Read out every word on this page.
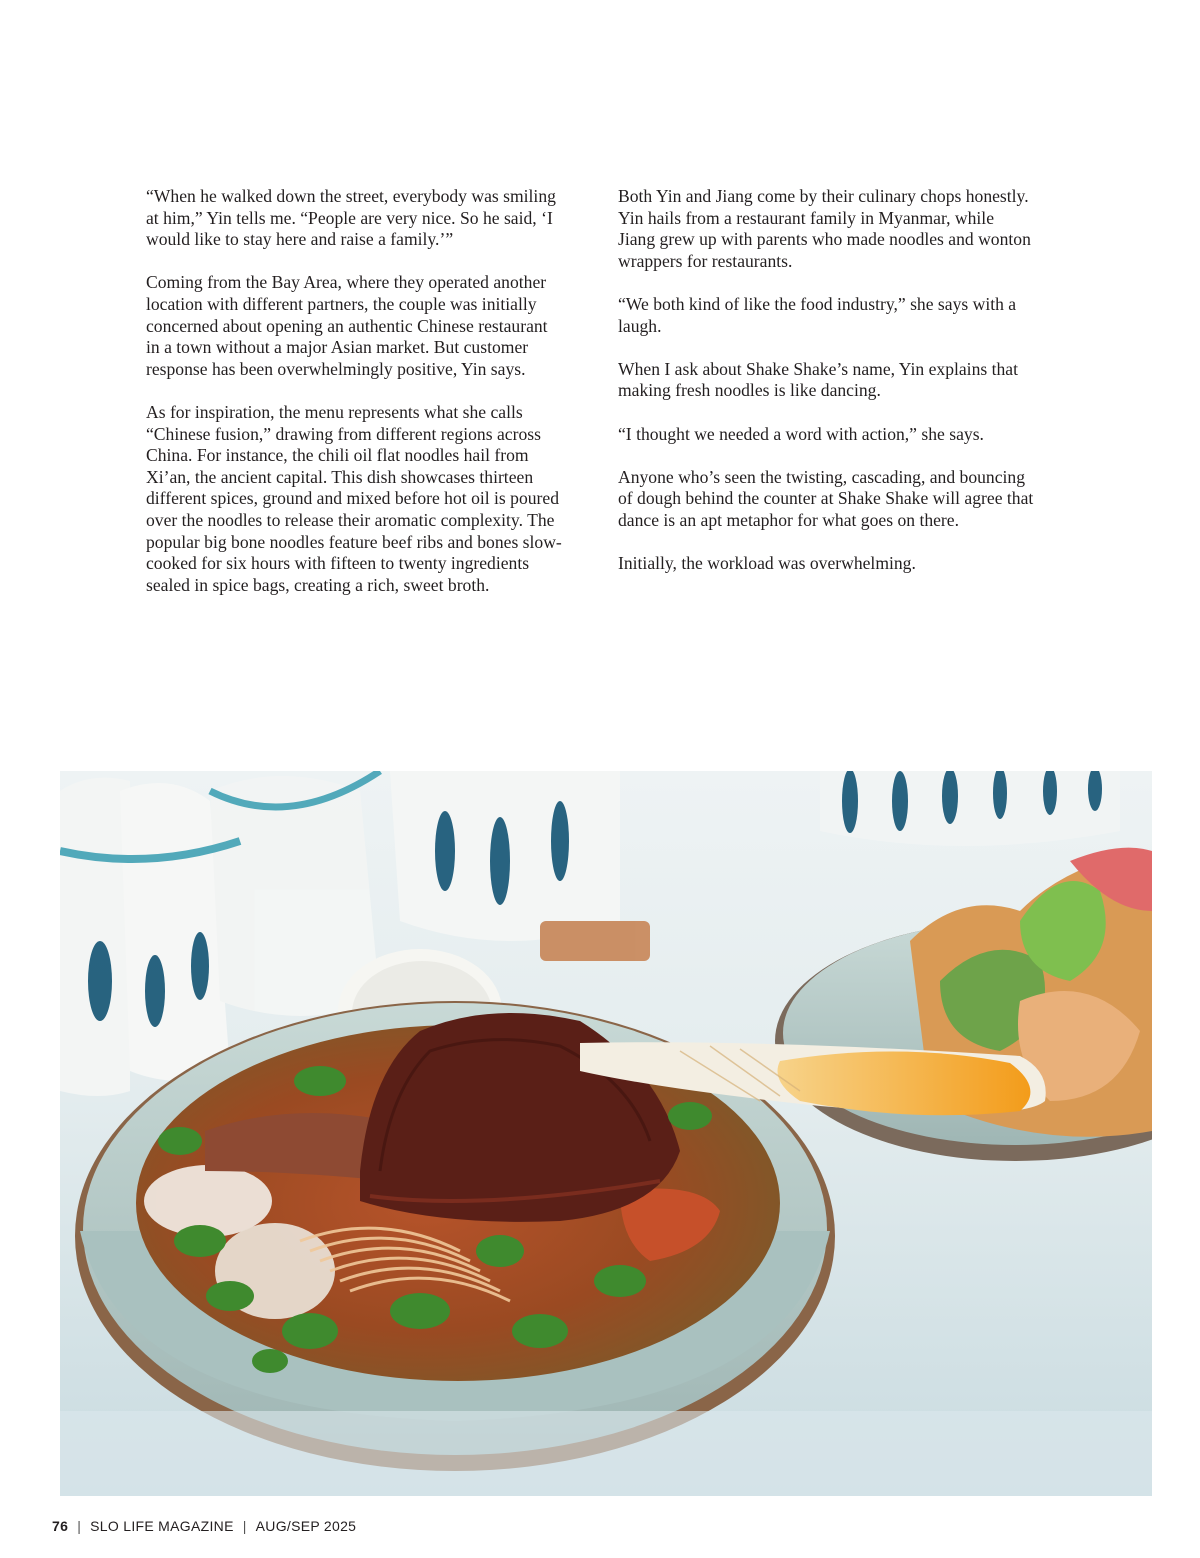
“When he walked down the street, everybody was smiling
at him,” Yin tells me. “People are very nice. So he said, ‘I
would like to stay here and raise a family.’”

Coming from the Bay Area, where they operated another
location with different partners, the couple was initially
concerned about opening an authentic Chinese restaurant
in a town without a major Asian market. But customer
response has been overwhelmingly positive, Yin says.

As for inspiration, the menu represents what she calls
“Chinese fusion,” drawing from different regions across
China. For instance, the chili oil flat noodles hail from
Xi’an, the ancient capital. This dish showcases thirteen
different spices, ground and mixed before hot oil is poured
over the noodles to release their aromatic complexity. The
popular big bone noodles feature beef ribs and bones slow-
cooked for six hours with fifteen to twenty ingredients
sealed in spice bags, creating a rich, sweet broth.

Both Yin and Jiang come by their culinary chops honestly.
Yin hails from a restaurant family in Myanmar, while
Jiang grew up with parents who made noodles and wonton
wrappers for restaurants.

“We both kind of like the food industry,” she says with a
laugh.

When I ask about Shake Shake’s name, Yin explains that
making fresh noodles is like dancing.

“I thought we needed a word with action,” she says.

Anyone who’s seen the twisting, cascading, and bouncing
of dough behind the counter at Shake Shake will agree that
dance is an apt metaphor for what goes on there.

Initially, the workload was overwhelming.

76 | SLO LIFE MAGAZINE | AUG/SEP 2025
